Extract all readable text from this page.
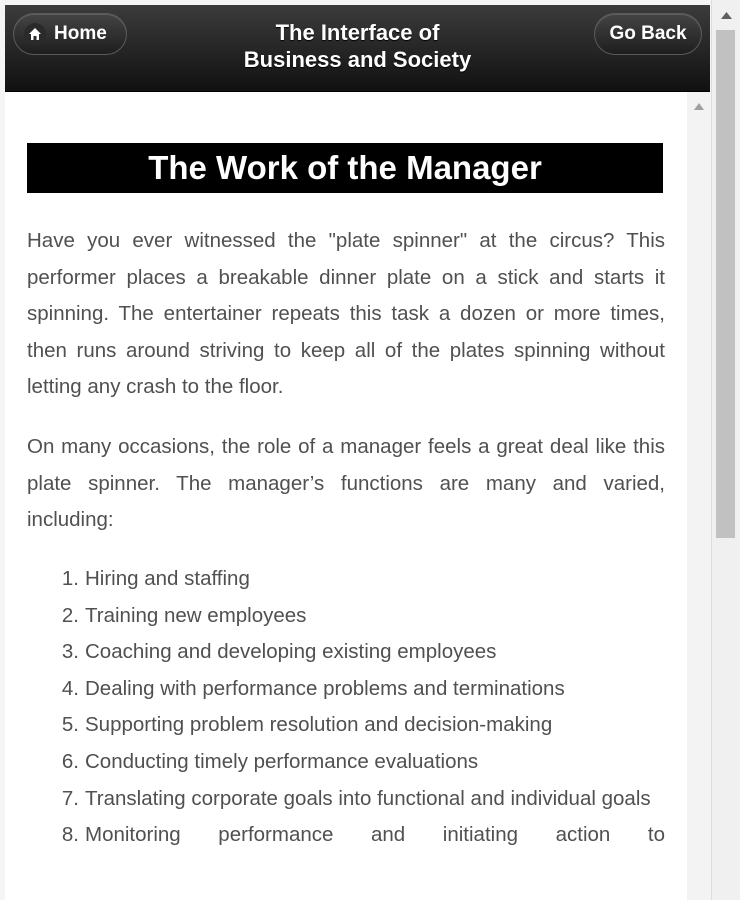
Home	The Interface of
Business and Society
Go Back
The Work of the Manager

Have you ever witnessed the "plate spinner" at the circus? This performer places a breakable dinner plate on a stick and starts it spinning. The entertainer repeats this task a dozen or more times, then runs around striving to keep all of the plates spinning without letting any crash to the floor.

On many occasions, the role of a manager feels a great deal like this plate spinner. The manager’s functions are many and varied, including:

1. Hiring and staffing
2. Training new employees
3. Coaching and developing existing employees
4. Dealing with performance problems and terminations
5. Supporting problem resolution and decision-making
6. Conducting timely performance evaluations
7. Translating corporate goals into functional and individual goals
8. Monitoring performance and initiating action to
